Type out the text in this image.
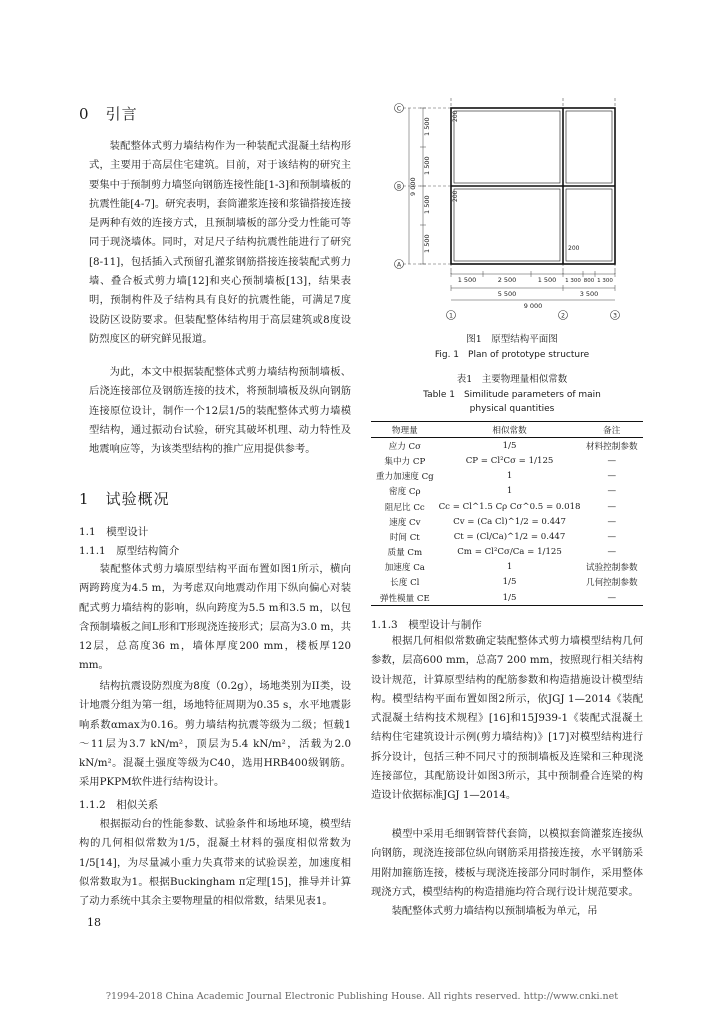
0　 引言

装配整体式剪力墙结构作为一种装配式混凝土结构形式，主要用于高层住宅建筑。目前，对于该结构的研究主要集中于预制剪力墙竖向钢筋连接性能[1-3]和预制墙板的抗震性能[4-7]。研究表明，套筒灌浆连接和浆锚搭接连接是两种有效的连接方式，且预制墙板的部分受力性能可等同于现浇墙体。同时，对足尺子结构抗震性能进行了研究[8-11]，包括插入式预留孔灌浆钢筋搭接连接装配式剪力墙、叠合板式剪力墙[12]和夹心预制墙板[13]，结果表明，预制构件及子结构具有良好的抗震性能，可满足7度设防区设防要求。但装配整体结构用于高层建筑或8度设防烈度区的研究鲜见报道。

为此，本文中根据装配整体式剪力墙结构预制墙板、后浇连接部位及钢筋连接的技术，将预制墙板及纵向钢筋连接原位设计，制作一个12层1/5的装配整体式剪力墙模型结构，通过振动台试验，研究其破坏机理、动力特性及地震响应等，为该类型结构的推广应用提供参考。

1　 试验概况
1.1　模型设计
1.1.1　原型结构简介

装配整体式剪力墙原型结构平面布置如图1所示，横向两跨跨度为4.5 m，为考虑双向地震动作用下纵向偏心对装配式剪力墙结构的影响，纵向跨度为5.5 m和3.5 m，以包含预制墙板之间L形和T形现浇连接形式；层高为3.0 m，共12层，总高度36 m，墙体厚度200 mm，楼板厚120 mm。

结构抗震设防烈度为8度（0.2g），场地类别为II类，设计地震分组为第一组，场地特征周期为0.35 s，水平地震影响系数αmax为0.16。剪力墙结构抗震等级为二级；恒载1～11层为3.7 kN/m²，顶层为5.4 kN/m²，活载为2.0 kN/m²。混凝土强度等级为C40，选用HRB400级钢筋。采用PKPM软件进行结构设计。

1.1.2　相似关系

根据振动台的性能参数、试验条件和场地环境，模型结构的几何相似常数为1/5，混凝土材料的强度相似常数为1/5[14]，为尽量减小重力失真带来的试验误差，加速度相似常数取为1。根据Buckingham π定理[15]，推导并计算了动力系统中其余主要物理量的相似常数，结果见表1。

200
200
200
1 500
1 500
1 500
1 500
9 000
C
B
A
1 500	2 500	1 500 1 300 800 1 300
5 500	3 500
9 000
1	2	3
图1　原型结构平面图
Fig. 1　Plan of prototype structure
表1　主要物理量相似常数
Table 1　Similitude parameters of main
physical quantities
物理量	相似常数	备注
应力 Cσ	1/5	材料控制参数
集中力 CP	CP = Cl²Cσ = 1/125	—
重力加速度 Cg	1	—
密度 Cρ	1	—
阻尼比 Cc	Cc = Cl^1.5 Cρ Cσ^0.5 = 0.018	—
速度 Cv	Cv = (Ca Cl)^1/2 = 0.447	—
时间 Ct	Ct = (Cl/Ca)^1/2 = 0.447	—
质量 Cm	Cm = Cl²Cσ/Ca = 1/125	—
加速度 Ca	1	试验控制参数
长度 Cl	1/5	几何控制参数
弹性模量 CE	1/5	—
1.1.3　模型设计与制作

根据几何相似常数确定装配整体式剪力墙模型结构几何参数，层高600 mm，总高7 200 mm，按照现行相关结构设计规范，计算原型结构的配筋参数和构造措施设计模型结构。模型结构平面布置如图2所示，依JGJ 1—2014《装配式混凝土结构技术规程》[16]和15J939-1《装配式混凝土结构住宅建筑设计示例(剪力墙结构)》[17]对模型结构进行拆分设计，包括三种不同尺寸的预制墙板及连梁和三种现浇连接部位，其配筋设计如图3所示，其中预制叠合连梁的构造设计依据标准JGJ 1—2014。

模型中采用毛细钢管替代套筒，以模拟套筒灌浆连接纵向钢筋，现浇连接部位纵向钢筋采用搭接连接，水平钢筋采用附加箍筋连接，楼板与现浇连接部分同时制作，采用整体现浇方式，模型结构的构造措施均符合现行设计规范要求。

装配整体式剪力墙结构以预制墙板为单元，吊

18
?1994-2018 China Academic Journal Electronic Publishing House. All rights reserved. http://www.cnki.net
